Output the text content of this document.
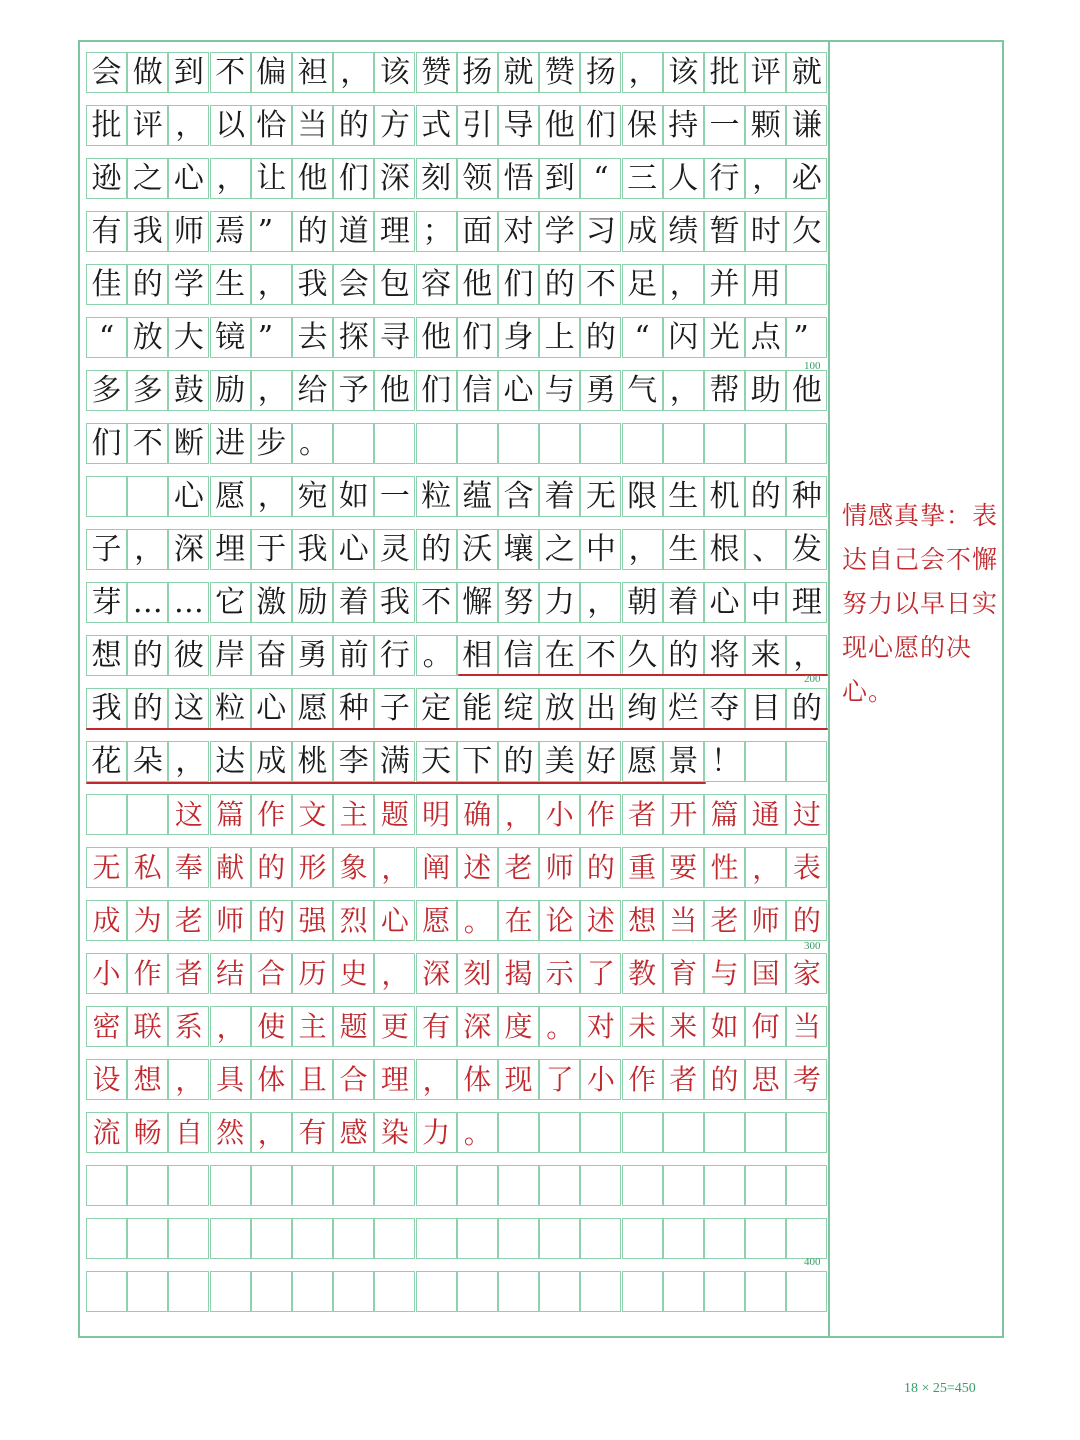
会 做 到 不 偏 袒 ， 该 赞 扬 就 赞 扬 ， 该 批 评 就
批 评 ， 以 恰 当 的 方 式 引 导 他 们 保 持 一 颗 谦
逊 之 心 ， 让 他 们 深 刻 领 悟 到 “ 三 人 行 ， 必
有 我 师 焉 ” 的 道 理 ； 面 对 学 习 成 绩 暂 时 欠
佳 的 学 生 ， 我 会 包 容 他 们 的 不 足 ， 并 用
“ 放 大 镜 ” 去 探 寻 他 们 身 上 的 “ 闪 光 点 ”
多 多 鼓 励 ， 给 予 他 们 信 心 与 勇 气 ， 帮 助 他
们 不 断 进 步 。
心 愿 ， 宛 如 一 粒 蕴 含 着 无 限 生 机 的 种
子 ， 深 埋 于 我 心 灵 的 沃 壤 之 中 ， 生 根 、 发
芽 … … 它 激 励 着 我 不 懈 努 力 ， 朝 着 心 中 理
想 的 彼 岸 奋 勇 前 行 。 相 信 在 不 久 的 将 来 ，
我 的 这 粒 心 愿 种 子 定 能 绽 放 出 绚 烂 夺 目 的
花 朵 ， 达 成 桃 李 满 天 下 的 美 好 愿 景 ！
这 篇 作 文 主 题 明 确 ， 小 作 者 开 篇 通 过
无 私 奉 献 的 形 象 ， 阐 述 老 师 的 重 要 性 ， 表
成 为 老 师 的 强 烈 心 愿 。 在 论 述 想 当 老 师 的
小 作 者 结 合 历 史 ， 深 刻 揭 示 了 教 育 与 国 家
密 联 系 ， 使 主 题 更 有 深 度 。 对 未 来 如 何 当
设 想 ， 具 体 且 合 理 ， 体 现 了 小 作 者 的 思 考
流 畅 自 然 ， 有 感 染 力 。
100
200
300
400
情感真挚：表达自己会不懈努力以早日实现心愿的决心。
18 × 25=450
